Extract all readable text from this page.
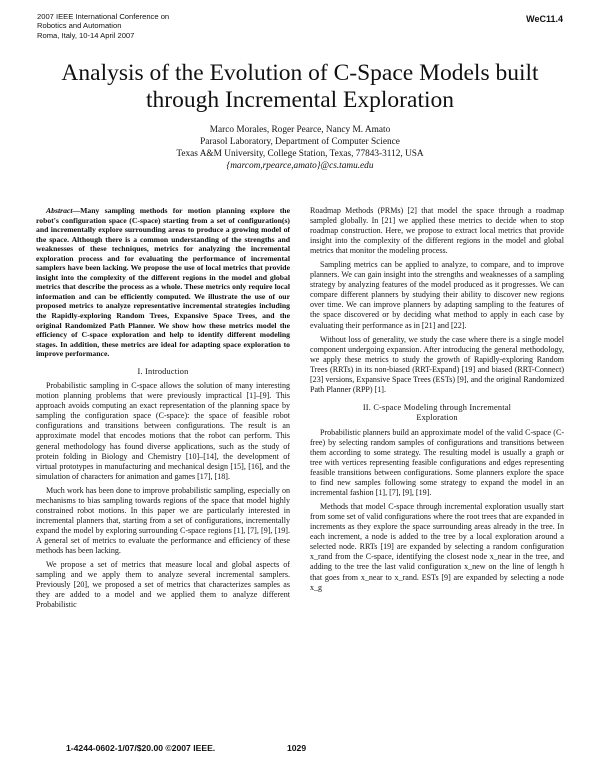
2007 IEEE International Conference on
Robotics and Automation
Roma, Italy, 10-14 April 2007
WeC11.4
Analysis of the Evolution of C-Space Models built
through Incremental Exploration
Marco Morales, Roger Pearce, Nancy M. Amato
Parasol Laboratory, Department of Computer Science
Texas A&M University, College Station, Texas, 77843-3112, USA
{marcom,rpearce,amato}@cs.tamu.edu

Abstract—Many sampling methods for motion planning explore the robot's configuration space (C-space) starting from a set of configuration(s) and incrementally explore surrounding areas to produce a growing model of the space. Although there is a common understanding of the strengths and weaknesses of these techniques, metrics for analyzing the incremental exploration process and for evaluating the performance of incremental samplers have been lacking. We propose the use of local metrics that provide insight into the complexity of the different regions in the model and global metrics that describe the process as a whole. These metrics only require local information and can be efficiently computed. We illustrate the use of our proposed metrics to analyze representative incremental strategies including the Rapidly-exploring Random Trees, Expansive Space Trees, and the original Randomized Path Planner. We show how these metrics model the efficiency of C-space exploration and help to identify different modeling stages. In addition, these metrics are ideal for adapting space exploration to improve performance.

I. Introduction

Probabilistic sampling in C-space allows the solution of many interesting motion planning problems that were previously impractical [1]–[9]. This approach avoids computing an exact representation of the planning space by sampling the configuration space (C-space): the space of feasible robot configurations and transitions between configurations. The result is an approximate model that encodes motions that the robot can perform. This general methodology has found diverse applications, such as the study of protein folding in Biology and Chemistry [10]–[14], the development of virtual prototypes in manufacturing and mechanical design [15], [16], and the simulation of characters for animation and games [17], [18].

Much work has been done to improve probabilistic sampling, especially on mechanisms to bias sampling towards regions of the space that model highly constrained robot motions. In this paper we are particularly interested in incremental planners that, starting from a set of configurations, incrementally expand the model by exploring surrounding C-space regions [1], [7], [9], [19]. A general set of metrics to evaluate the performance and efficiency of these methods has been lacking.

We propose a set of metrics that measure local and global aspects of sampling and we apply them to analyze several incremental samplers. Previously [20], we proposed a set of metrics that characterizes samples as they are added to a model and we applied them to analyze different Probabilistic

Roadmap Methods (PRMs) [2] that model the space through a roadmap sampled globally. In [21] we applied these metrics to decide when to stop roadmap construction. Here, we propose to extract local metrics that provide insight into the complexity of the different regions in the model and global metrics that monitor the modeling process.

Sampling metrics can be applied to analyze, to compare, and to improve planners. We can gain insight into the strengths and weaknesses of a sampling strategy by analyzing features of the model produced as it progresses. We can compare different planners by studying their ability to discover new regions over time. We can improve planners by adapting sampling to the features of the space discovered or by deciding what method to apply in each case by evaluating their performance as in [21] and [22].

Without loss of generality, we study the case where there is a single model component undergoing expansion. After introducing the general methodology, we apply these metrics to study the growth of Rapidly-exploring Random Trees (RRTs) in its non-biased (RRT-Expand) [19] and biased (RRT-Connect) [23] versions, Expansive Space Trees (ESTs) [9], and the original Randomized Path Planner (RPP) [1].

II. C-space Modeling through Incremental
Exploration

Probabilistic planners build an approximate model of the valid C-space (C-free) by selecting random samples of configurations and transitions between them according to some strategy. The resulting model is usually a graph or tree with vertices representing feasible configurations and edges representing feasible transitions between configurations. Some planners explore the space to find new samples following some strategy to expand the model in an incremental fashion [1], [7], [9], [19].

Methods that model C-space through incremental exploration usually start from some set of valid configurations where the root trees that are expanded in increments as they explore the space surrounding areas already in the tree. In each increment, a node is added to the tree by a local exploration around a selected node. RRTs [19] are expanded by selecting a random configuration x_rand from the C-space, identifying the closest node x_near in the tree, and adding to the tree the last valid configuration x_new on the line of length h that goes from x_near to x_rand. ESTs [9] are expanded by selecting a node x_g

1-4244-0602-1/07/$20.00 ©2007 IEEE.	1029
